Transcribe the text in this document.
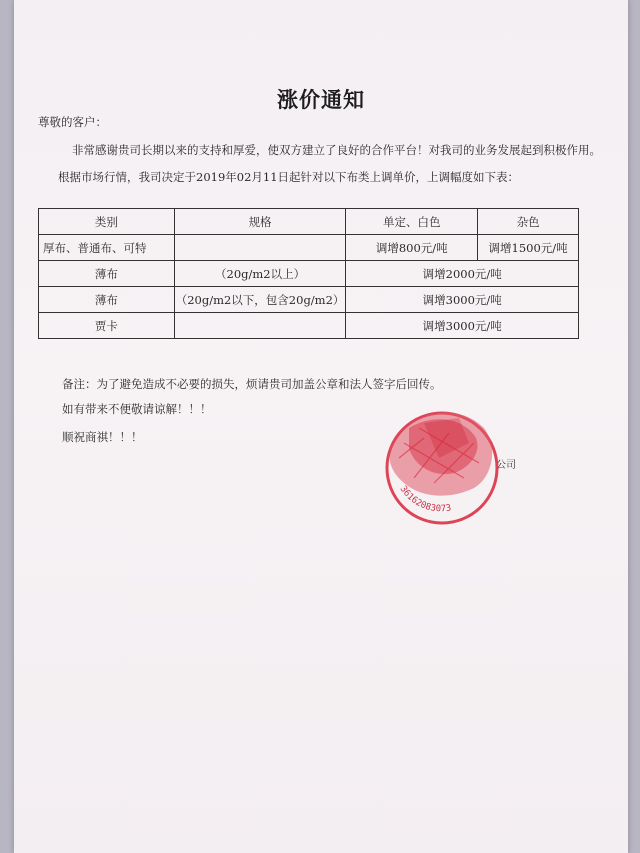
涨价通知
尊敬的客户：
非常感谢贵司长期以来的支持和厚爱，使双方建立了良好的合作平台！对我司的业务发展起到积极作用。
根据市场行情，我司决定于2019年02月11日起针对以下布类上调单价，上调幅度如下表：
类别	规格	单定、白色	杂色
厚布、普通布、可特		调增800元/吨	调增1500元/吨
薄布	（20g/m2以上）	调增2000元/吨	
薄布	（20g/m2以下，包含20g/m2）	调增3000元/吨	
贾卡		调增3000元/吨	
备注：为了避免造成不必要的损失，烦请贵司加盖公章和法人签字后回传。
如有带来不便敬请谅解！！！
顺祝商祺！！！
公司
36162083073
